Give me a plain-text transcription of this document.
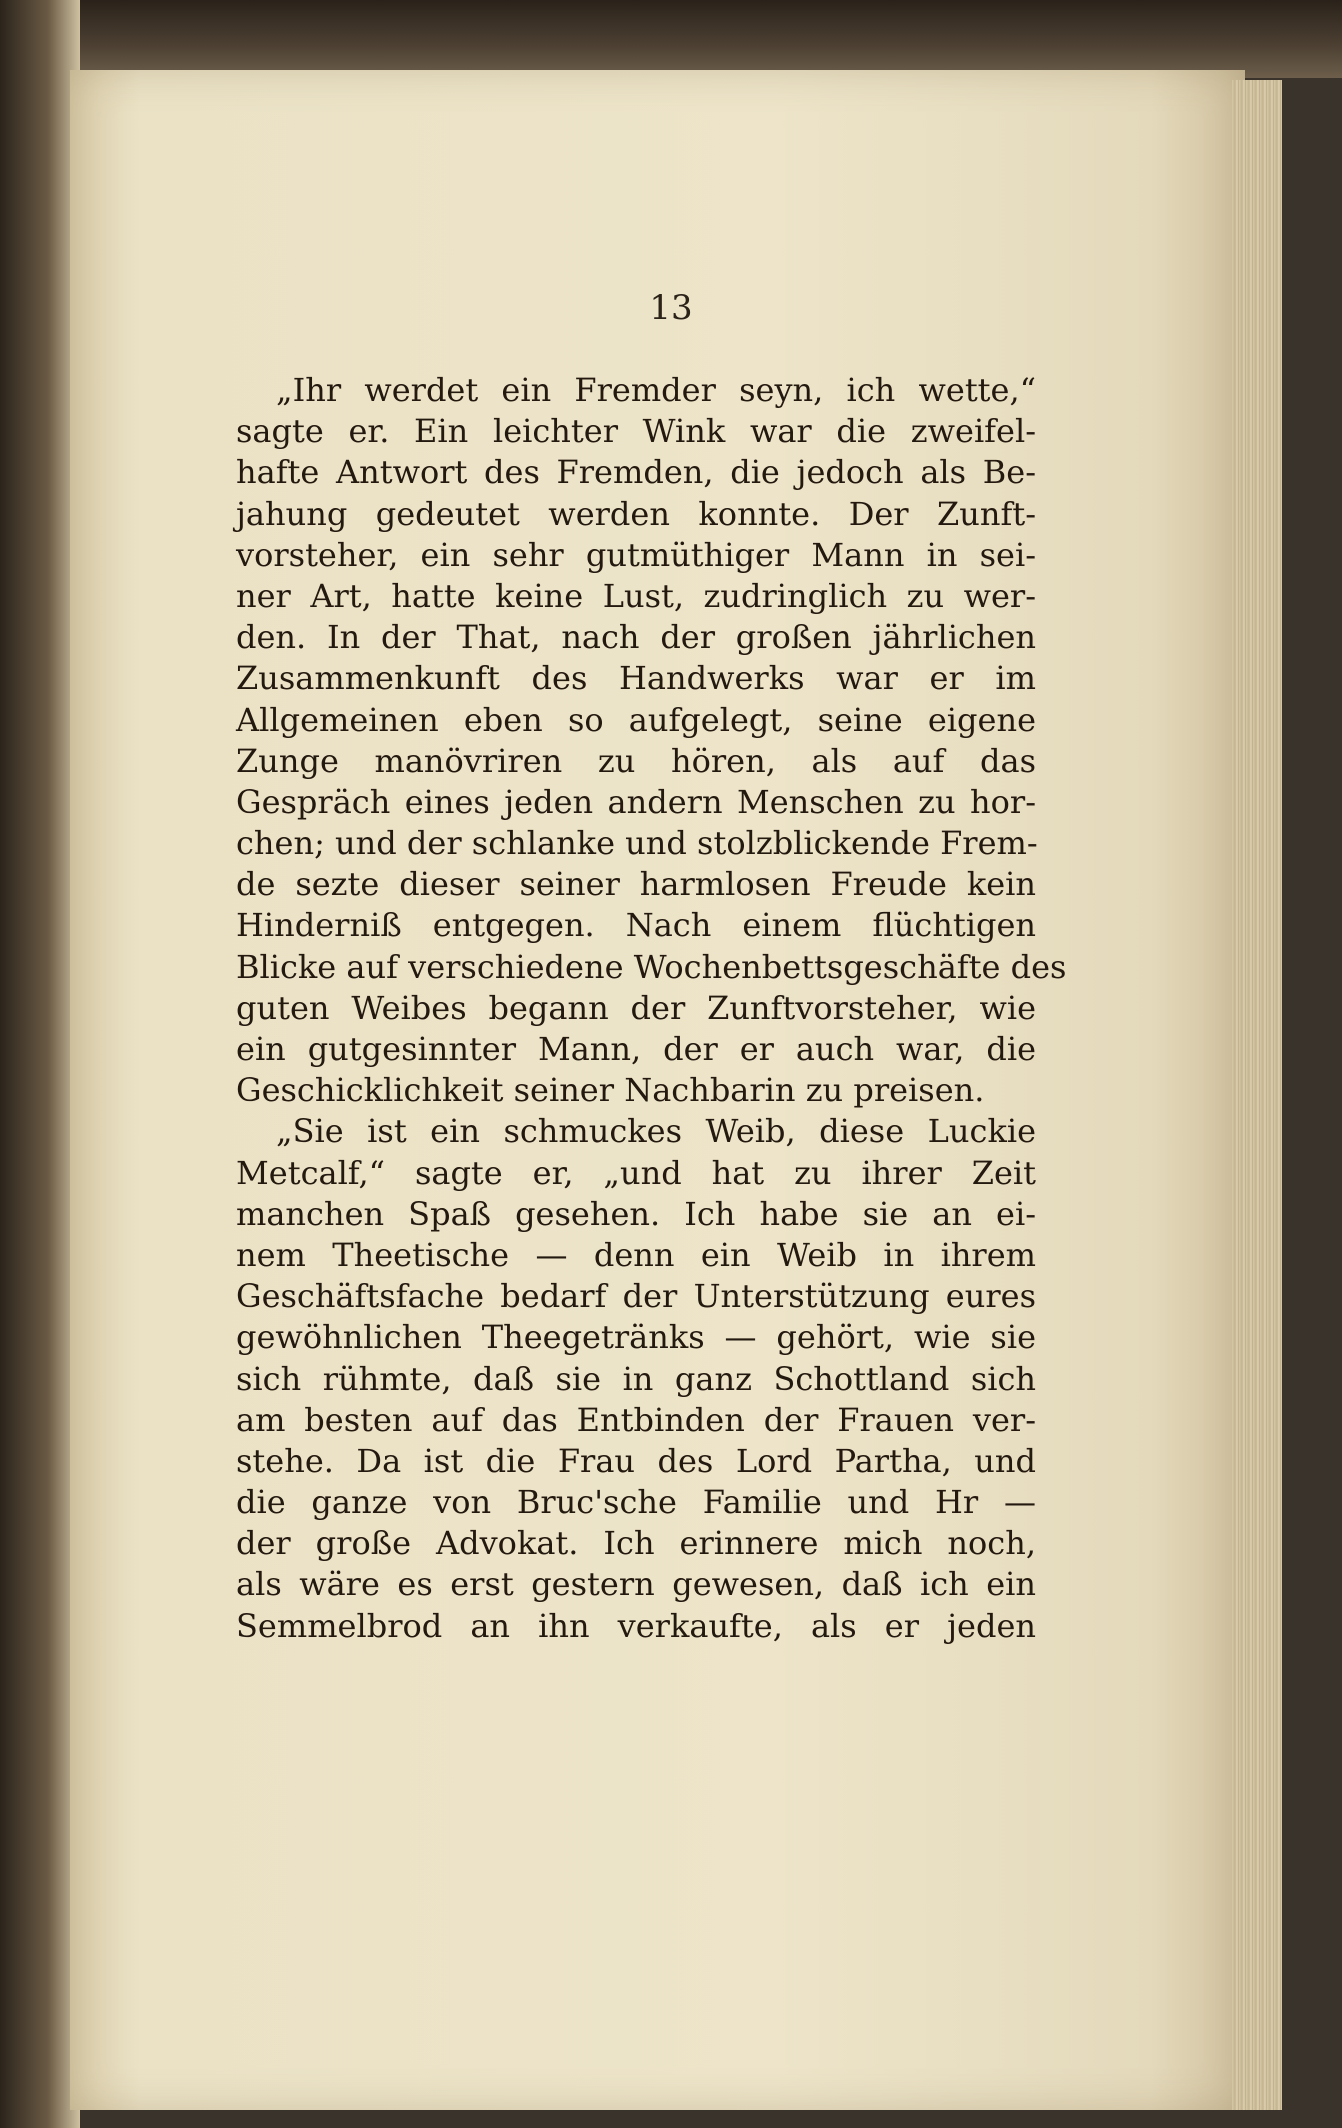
13
„Ihr werdet ein Fremder seyn, ich wette,“
sagte er. Ein leichter Wink war die zweifel-
hafte Antwort des Fremden, die jedoch als Be-
jahung gedeutet werden konnte. Der Zunft-
vorsteher, ein sehr gutmüthiger Mann in sei-
ner Art, hatte keine Lust, zudringlich zu wer-
den. In der That, nach der großen jährlichen
Zusammenkunft des Handwerks war er im
Allgemeinen eben so aufgelegt, seine eigene
Zunge manövriren zu hören, als auf das
Gespräch eines jeden andern Menschen zu hor-
chen; und der schlanke und stolzblickende Frem-
de sezte dieser seiner harmlosen Freude kein
Hinderniß entgegen. Nach einem flüchtigen
Blicke auf verschiedene Wochenbettsgeschäfte des
guten Weibes begann der Zunftvorsteher, wie
ein gutgesinnter Mann, der er auch war, die
Geschicklichkeit seiner Nachbarin zu preisen.
„Sie ist ein schmuckes Weib, diese Luckie
Metcalf,“ sagte er, „und hat zu ihrer Zeit
manchen Spaß gesehen. Ich habe sie an ei-
nem Theetische — denn ein Weib in ihrem
Geschäftsfache bedarf der Unterstützung eures
gewöhnlichen Theegetränks — gehört, wie sie
sich rühmte, daß sie in ganz Schottland sich
am besten auf das Entbinden der Frauen ver-
stehe. Da ist die Frau des Lord Partha, und
die ganze von Bruc'sche Familie und Hr —
der große Advokat. Ich erinnere mich noch,
als wäre es erst gestern gewesen, daß ich ein
Semmelbrod an ihn verkaufte, als er jeden
